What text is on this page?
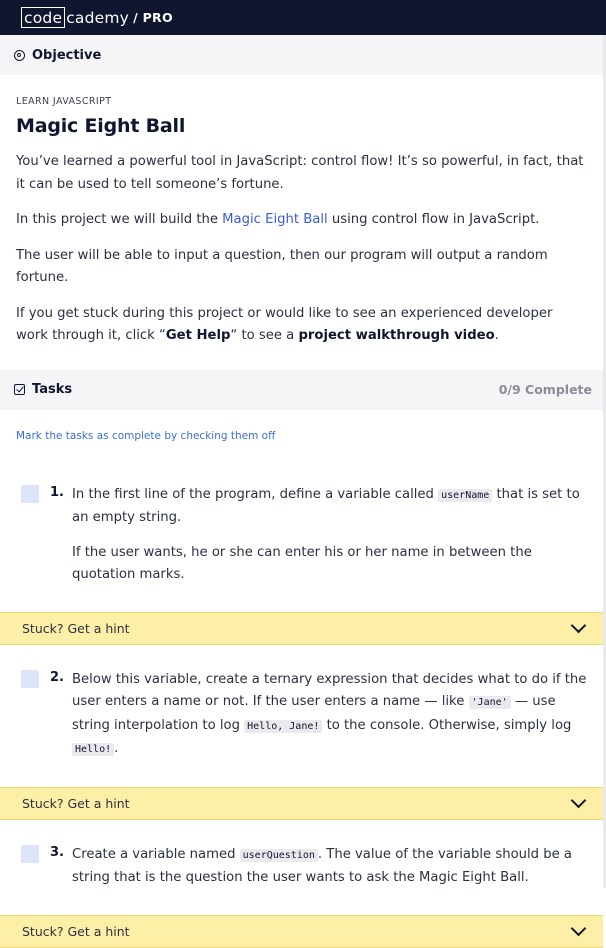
code cademy / PRO
Objective
LEARN JAVASCRIPT
Magic Eight Ball

You’ve learned a powerful tool in JavaScript: control flow! It’s so powerful, in fact, that it can be used to tell someone’s fortune.

In this project we will build the Magic Eight Ball using control flow in JavaScript.

The user will be able to input a question, then our program will output a random fortune.

If you get stuck during this project or would like to see an experienced developer work through it, click “Get Help“ to see a project walkthrough video.

Tasks	0/9 Complete
Mark the tasks as complete by checking them off
1. In the first line of the program, define a variable called userName that is set to an empty string.

If the user wants, he or she can enter his or her name in between the quotation marks.

Stuck? Get a hint
2. Below this variable, create a ternary expression that decides what to do if the user enters a name or not. If the user enters a name — like 'Jane' — use string interpolation to log Hello, Jane! to the console. Otherwise, simply log Hello! .

Stuck? Get a hint
3. Create a variable named userQuestion . The value of the variable should be a string that is the question the user wants to ask the Magic Eight Ball.

Stuck? Get a hint
